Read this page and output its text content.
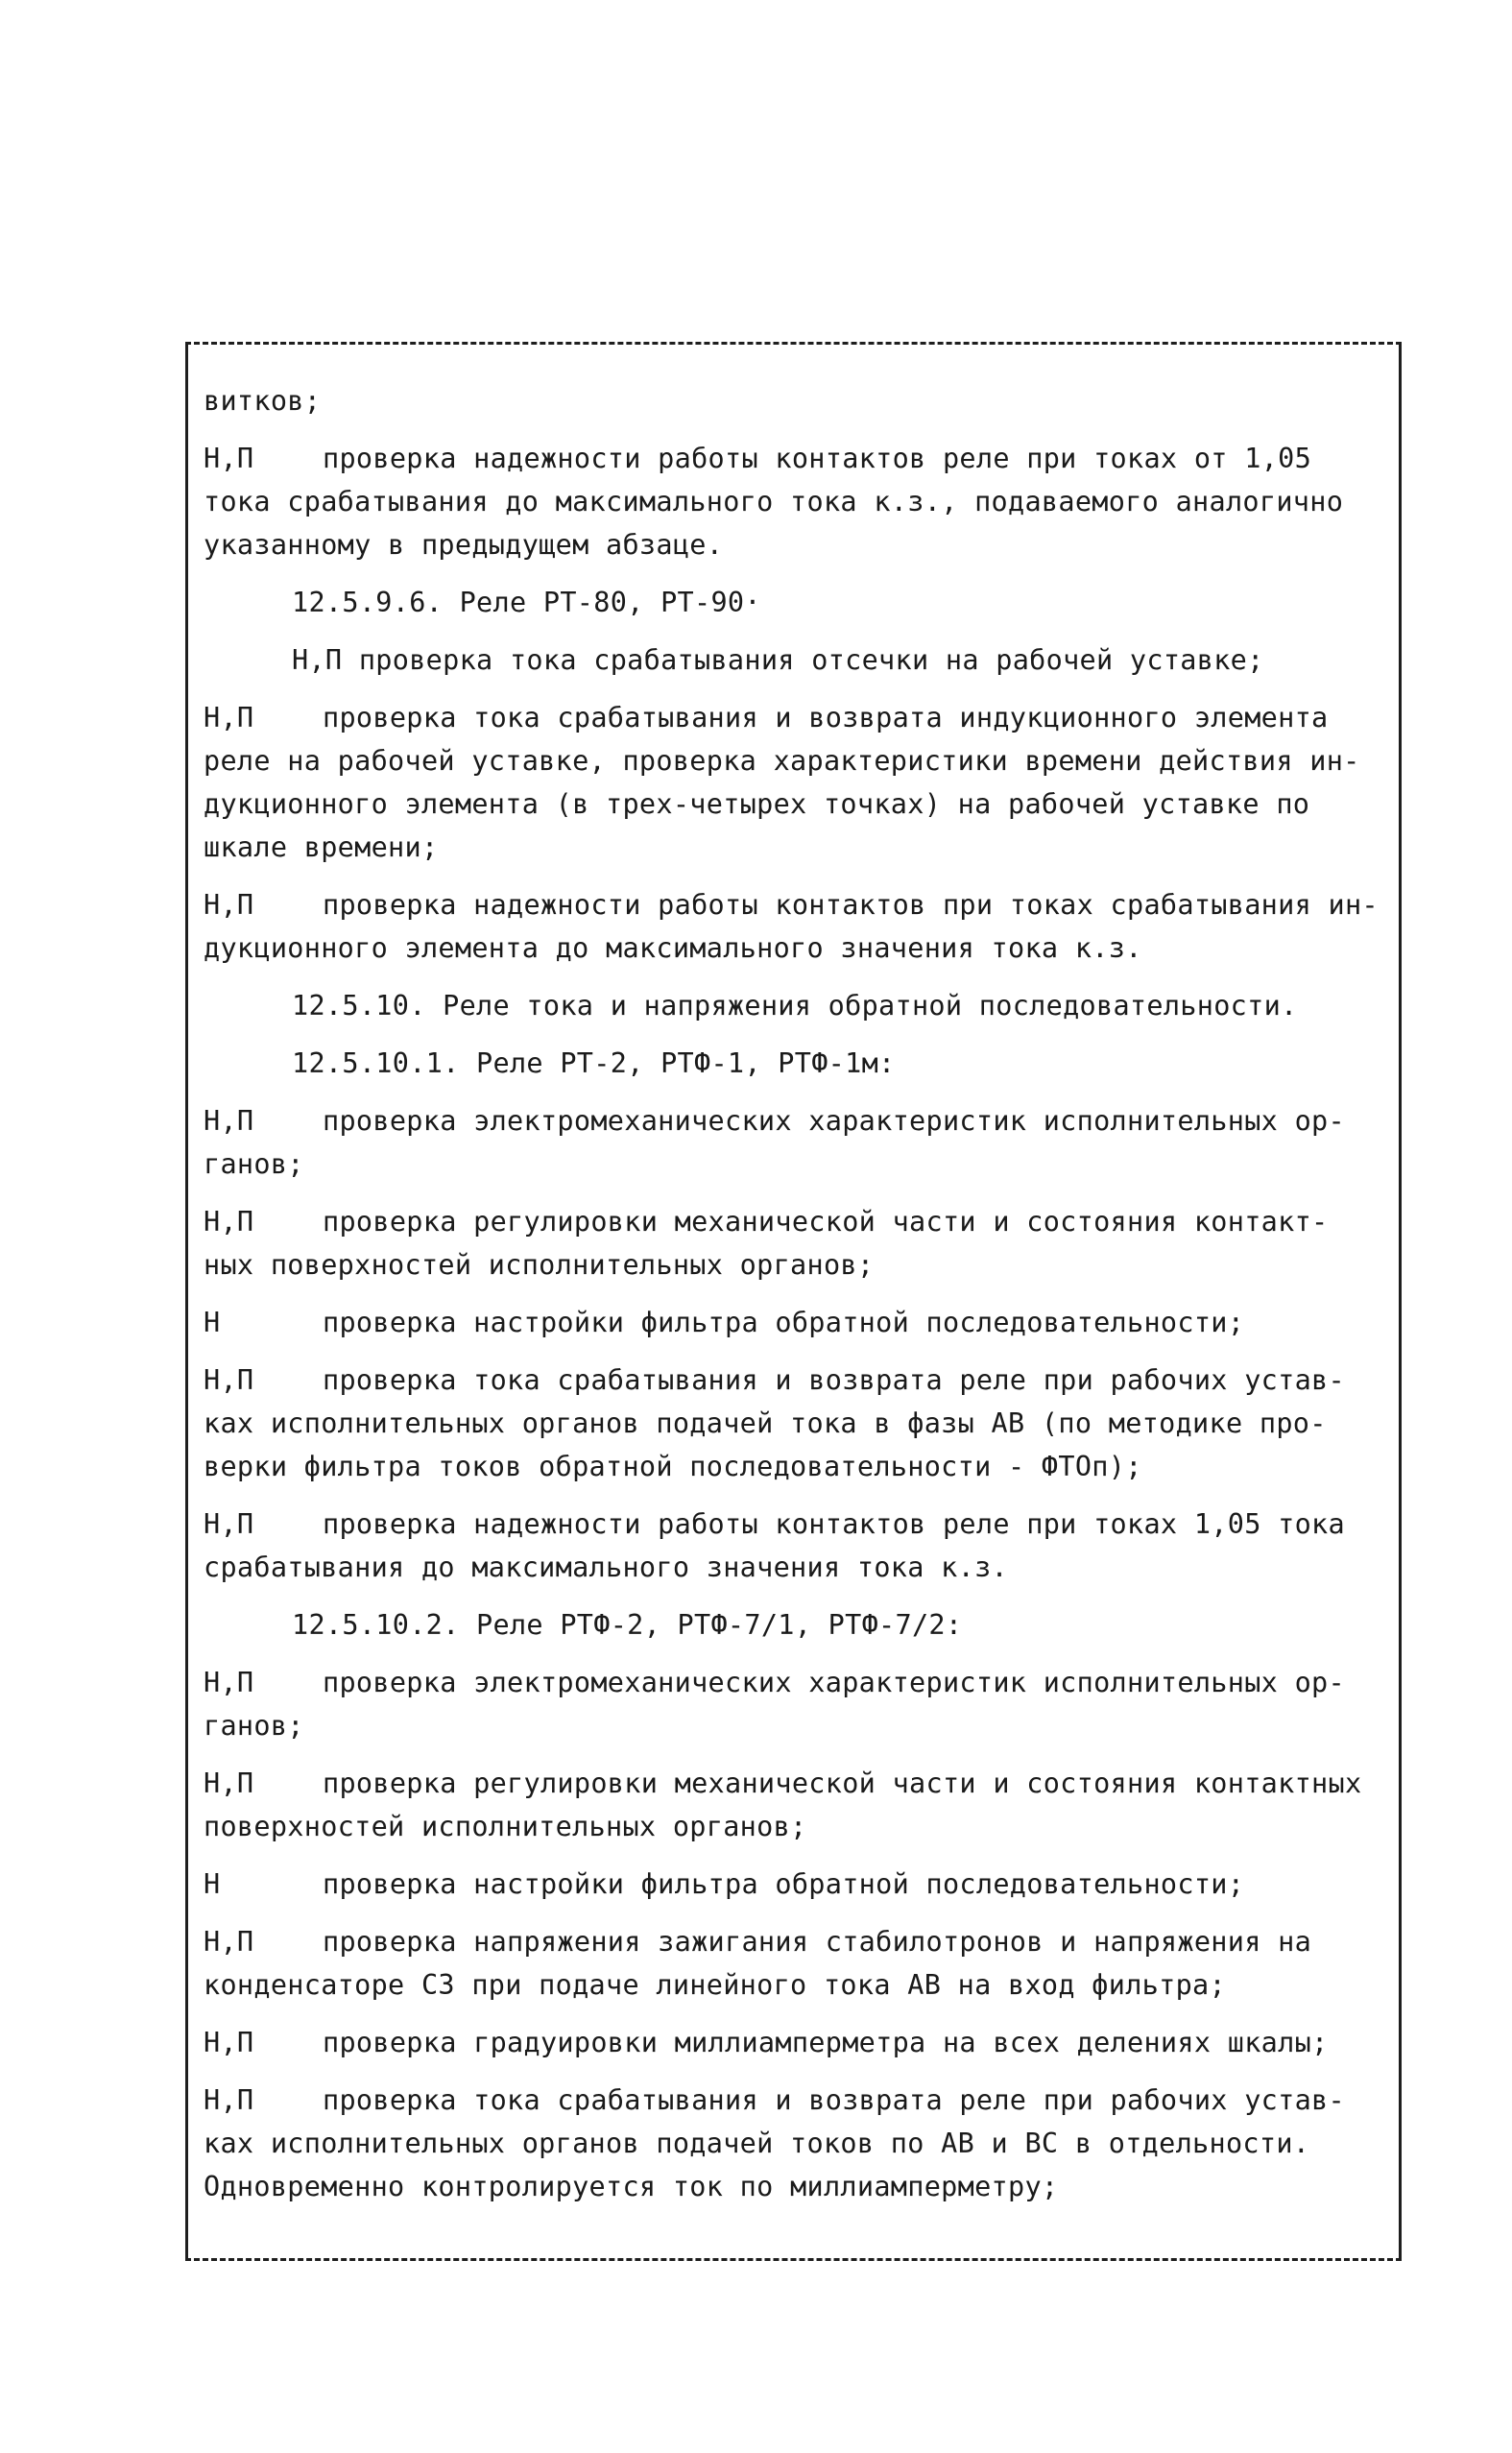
витков;
Н,П	проверка надежности работы контактов реле при токах от 1,05
тока срабатывания до максимального тока к.з., подаваемого аналогично
указанному в предыдущем абзаце.
12.5.9.6. Реле РТ-80, РТ-90·
Н,П проверка тока срабатывания отсечки на рабочей уставке;
Н,П	проверка тока срабатывания и возврата индукционного элемента
реле на рабочей уставке, проверка характеристики времени действия ин-
дукционного элемента (в трех-четырех точках) на рабочей уставке по
шкале времени;
Н,П	проверка надежности работы контактов при токах срабатывания ин-
дукционного элемента до максимального значения тока к.з.
12.5.10. Реле тока и напряжения обратной последовательности.
12.5.10.1. Реле РТ-2, РТФ-1, РТФ-1м:
Н,П	проверка электромеханических характеристик исполнительных ор-
ганов;
Н,П	проверка регулировки механической части и состояния контакт-
ных поверхностей исполнительных органов;
Н	проверка настройки фильтра обратной последовательности;
Н,П	проверка тока срабатывания и возврата реле при рабочих устав-
ках исполнительных органов подачей тока в фазы АВ (по методике про-
верки фильтра токов обратной последовательности - ФТОп);
Н,П	проверка надежности работы контактов реле при токах 1,05 тока
срабатывания до максимального значения тока к.з.
12.5.10.2. Реле РТФ-2, РТФ-7/1, РТФ-7/2:
Н,П	проверка электромеханических характеристик исполнительных ор-
ганов;
Н,П	проверка регулировки механической части и состояния контактных
поверхностей исполнительных органов;
Н	проверка настройки фильтра обратной последовательности;
Н,П	проверка напряжения зажигания стабилотронов и напряжения на
конденсаторе С3 при подаче линейного тока АВ на вход фильтра;
Н,П	проверка градуировки миллиамперметра на всех делениях шкалы;
Н,П	проверка тока срабатывания и возврата реле при рабочих устав-
ках исполнительных органов подачей токов по АВ и ВС в отдельности.
Одновременно контролируется ток по миллиамперметру;
